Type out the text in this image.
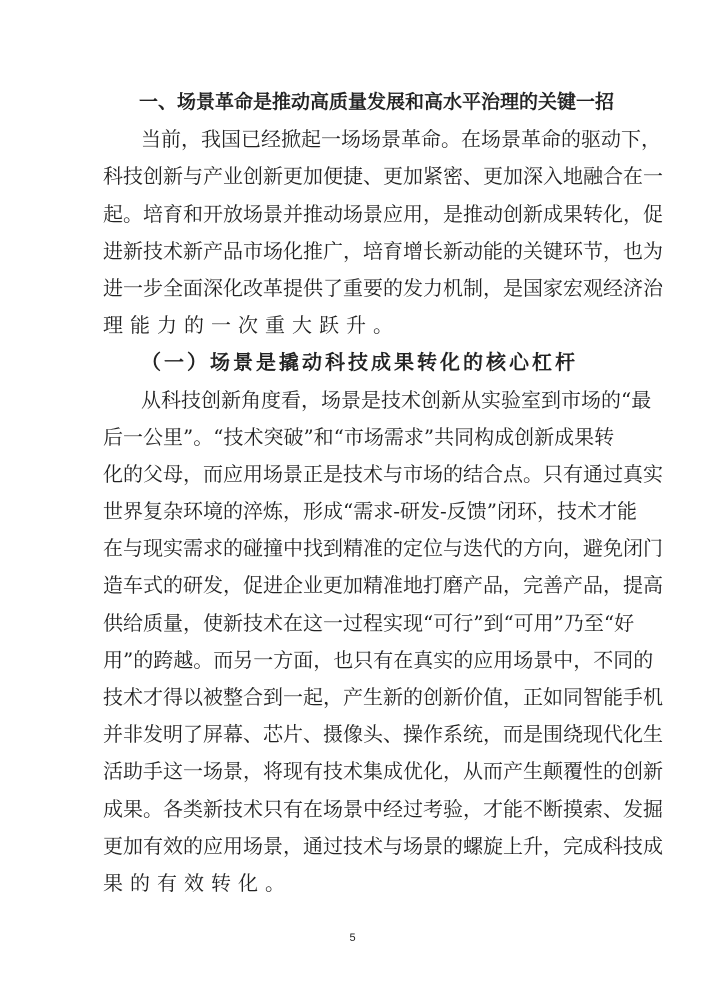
一、场景革命是推动高质量发展和高水平治理的关键一招
当前，我国已经掀起一场场景革命。在场景革命的驱动下，
科技创新与产业创新更加便捷、更加紧密、更加深入地融合在一
起。培育和开放场景并推动场景应用，是推动创新成果转化，促
进新技术新产品市场化推广，培育增长新动能的关键环节，也为
进一步全面深化改革提供了重要的发力机制，是国家宏观经济治
理能力的一次重大跃升。
（一）场景是撬动科技成果转化的核心杠杆
从科技创新角度看，场景是技术创新从实验室到市场的“最
后一公里”。“技术突破”和“市场需求”共同构成创新成果转
化的父母，而应用场景正是技术与市场的结合点。只有通过真实
世界复杂环境的淬炼，形成“需求-研发-反馈”闭环，技术才能
在与现实需求的碰撞中找到精准的定位与迭代的方向，避免闭门
造车式的研发，促进企业更加精准地打磨产品，完善产品，提高
供给质量，使新技术在这一过程实现“可行”到“可用”乃至“好
用”的跨越。而另一方面，也只有在真实的应用场景中，不同的
技术才得以被整合到一起，产生新的创新价值，正如同智能手机
并非发明了屏幕、芯片、摄像头、操作系统，而是围绕现代化生
活助手这一场景，将现有技术集成优化，从而产生颠覆性的创新
成果。各类新技术只有在场景中经过考验，才能不断摸索、发掘
更加有效的应用场景，通过技术与场景的螺旋上升，完成科技成
果的有效转化。
5
